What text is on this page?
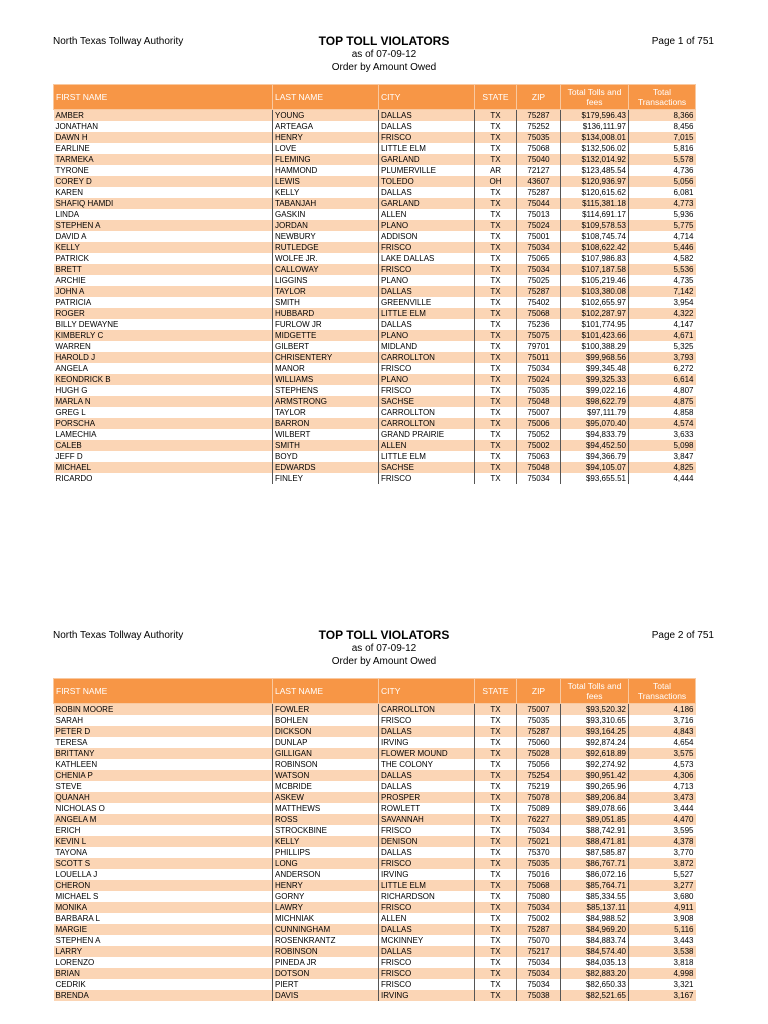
North Texas Tollway Authority	TOP TOLL VIOLATORS
as of 07-09-12
Order by Amount Owed
Page 1 of 751
FIRST NAME	LAST NAME	CITY	STATE	ZIP	Total Tolls and fees	Total Transactions
AMBER	YOUNG	DALLAS	TX	75287	$179,596.43	8,366
JONATHAN	ARTEAGA	DALLAS	TX	75252	$136,111.97	8,456
DAWN H	HENRY	FRISCO	TX	75035	$134,008.01	7,015
EARLINE	LOVE	LITTLE ELM	TX	75068	$132,506.02	5,816
TARMEKA	FLEMING	GARLAND	TX	75040	$132,014.92	5,578
TYRONE	HAMMOND	PLUMERVILLE	AR	72127	$123,485.54	4,736
COREY D	LEWIS	TOLEDO	OH	43607	$120,936.97	5,056
KAREN	KELLY	DALLAS	TX	75287	$120,615.62	6,081
SHAFIQ HAMDI	TABANJAH	GARLAND	TX	75044	$115,381.18	4,773
LINDA	GASKIN	ALLEN	TX	75013	$114,691.17	5,936
STEPHEN A	JORDAN	PLANO	TX	75024	$109,578.53	5,775
DAVID A	NEWBURY	ADDISON	TX	75001	$108,745.74	4,714
KELLY	RUTLEDGE	FRISCO	TX	75034	$108,622.42	5,446
PATRICK	WOLFE JR.	LAKE DALLAS	TX	75065	$107,986.83	4,582
BRETT	CALLOWAY	FRISCO	TX	75034	$107,187.58	5,536
ARCHIE	LIGGINS	PLANO	TX	75025	$105,219.46	4,735
JOHN A	TAYLOR	DALLAS	TX	75287	$103,380.08	7,142
PATRICIA	SMITH	GREENVILLE	TX	75402	$102,655.97	3,954
ROGER	HUBBARD	LITTLE ELM	TX	75068	$102,287.97	4,322
BILLY DEWAYNE	FURLOW JR	DALLAS	TX	75236	$101,774.95	4,147
KIMBERLY C	MIDGETTE	PLANO	TX	75075	$101,423.66	4,671
WARREN	GILBERT	MIDLAND	TX	79701	$100,388.29	5,325
HAROLD J	CHRISENTERY	CARROLLTON	TX	75011	$99,968.56	3,793
ANGELA	MANOR	FRISCO	TX	75034	$99,345.48	6,272
KEONDRICK B	WILLIAMS	PLANO	TX	75024	$99,325.33	6,614
HUGH G	STEPHENS	FRISCO	TX	75035	$99,022.16	4,807
MARLA N	ARMSTRONG	SACHSE	TX	75048	$98,622.79	4,875
GREG L	TAYLOR	CARROLLTON	TX	75007	$97,111.79	4,858
PORSCHA	BARRON	CARROLLTON	TX	75006	$95,070.40	4,574
LAMECHIA	WILBERT	GRAND PRAIRIE	TX	75052	$94,833.79	3,633
CALEB	SMITH	ALLEN	TX	75002	$94,452.50	5,098
JEFF D	BOYD	LITTLE ELM	TX	75063	$94,366.79	3,847
MICHAEL	EDWARDS	SACHSE	TX	75048	$94,105.07	4,825
RICARDO	FINLEY	FRISCO	TX	75034	$93,655.51	4,444
North Texas Tollway Authority	TOP TOLL VIOLATORS
as of 07-09-12
Order by Amount Owed
Page 2 of 751
FIRST NAME	LAST NAME	CITY	STATE	ZIP	Total Tolls and fees	Total Transactions
ROBIN MOORE	FOWLER	CARROLLTON	TX	75007	$93,520.32	4,186
SARAH	BOHLEN	FRISCO	TX	75035	$93,310.65	3,716
PETER D	DICKSON	DALLAS	TX	75287	$93,164.25	4,843
TERESA	DUNLAP	IRVING	TX	75060	$92,874.24	4,654
BRITTANY	GILLIGAN	FLOWER MOUND	TX	75028	$92,618.89	3,575
KATHLEEN	ROBINSON	THE COLONY	TX	75056	$92,274.92	4,573
CHENIA P	WATSON	DALLAS	TX	75254	$90,951.42	4,306
STEVE	MCBRIDE	DALLAS	TX	75219	$90,265.96	4,713
QUANAH	ASKEW	PROSPER	TX	75078	$89,206.84	3,473
NICHOLAS O	MATTHEWS	ROWLETT	TX	75089	$89,078.66	3,444
ANGELA M	ROSS	SAVANNAH	TX	76227	$89,051.85	4,470
ERICH	STROCKBINE	FRISCO	TX	75034	$88,742.91	3,595
KEVIN L	KELLY	DENISON	TX	75021	$88,471.81	4,378
TAYONA	PHILLIPS	DALLAS	TX	75370	$87,585.87	3,770
SCOTT S	LONG	FRISCO	TX	75035	$86,767.71	3,872
LOUELLA J	ANDERSON	IRVING	TX	75016	$86,072.16	5,527
CHERON	HENRY	LITTLE ELM	TX	75068	$85,764.71	3,277
MICHAEL S	GORNY	RICHARDSON	TX	75080	$85,334.55	3,680
MONIKA	LAWRY	FRISCO	TX	75034	$85,137.11	4,911
BARBARA L	MICHNIAK	ALLEN	TX	75002	$84,988.52	3,908
MARGIE	CUNNINGHAM	DALLAS	TX	75287	$84,969.20	5,116
STEPHEN A	ROSENKRANTZ	MCKINNEY	TX	75070	$84,883.74	3,443
LARRY	ROBINSON	DALLAS	TX	75217	$84,574.40	3,538
LORENZO	PINEDA JR	FRISCO	TX	75034	$84,035.13	3,818
BRIAN	DOTSON	FRISCO	TX	75034	$82,883.20	4,998
CEDRIK	PIERT	FRISCO	TX	75034	$82,650.33	3,321
BRENDA	DAVIS	IRVING	TX	75038	$82,521.65	3,167
